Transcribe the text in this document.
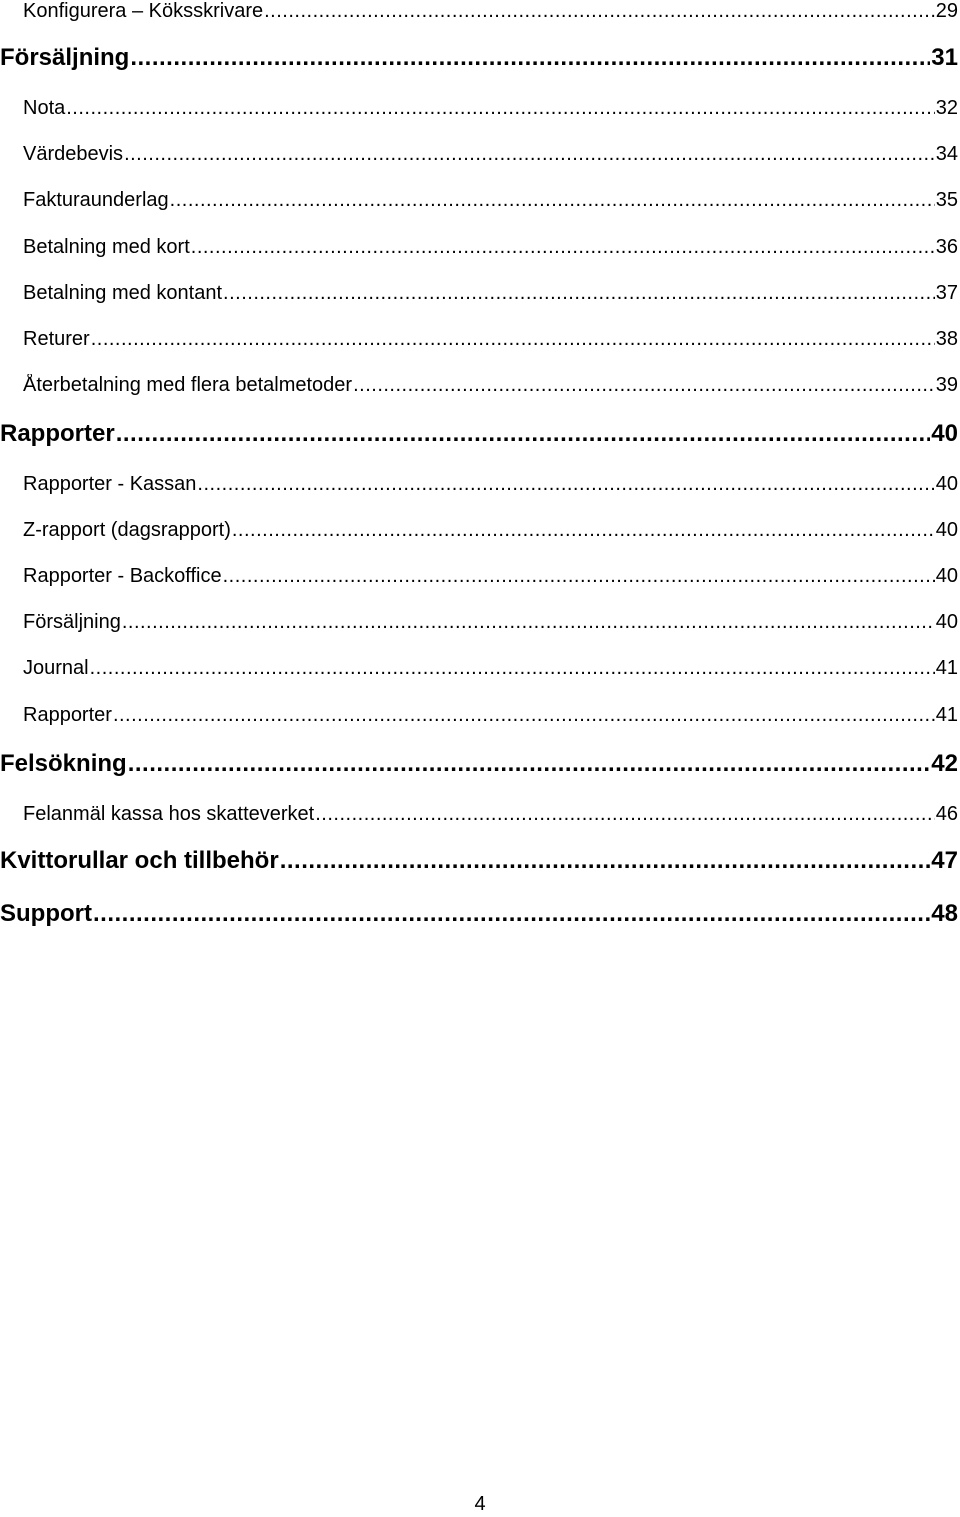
Konfigurera – Köksskrivare .....	29
Försäljning .....	31
Nota .....	32
Värdebevis .....	34
Fakturaunderlag .....	35
Betalning med kort .....	36
Betalning med kontant .....	37
Returer .....	38
Återbetalning med flera betalmetoder .....	39
Rapporter .....	40
Rapporter - Kassan .....	40
Z-rapport (dagsrapport) .....	40
Rapporter - Backoffice .....	40
Försäljning .....	40
Journal .....	41
Rapporter .....	41
Felsökning .....	42
Felanmäl kassa hos skatteverket .....	46
Kvittorullar och tillbehör .....	47
Support .....	48
4
